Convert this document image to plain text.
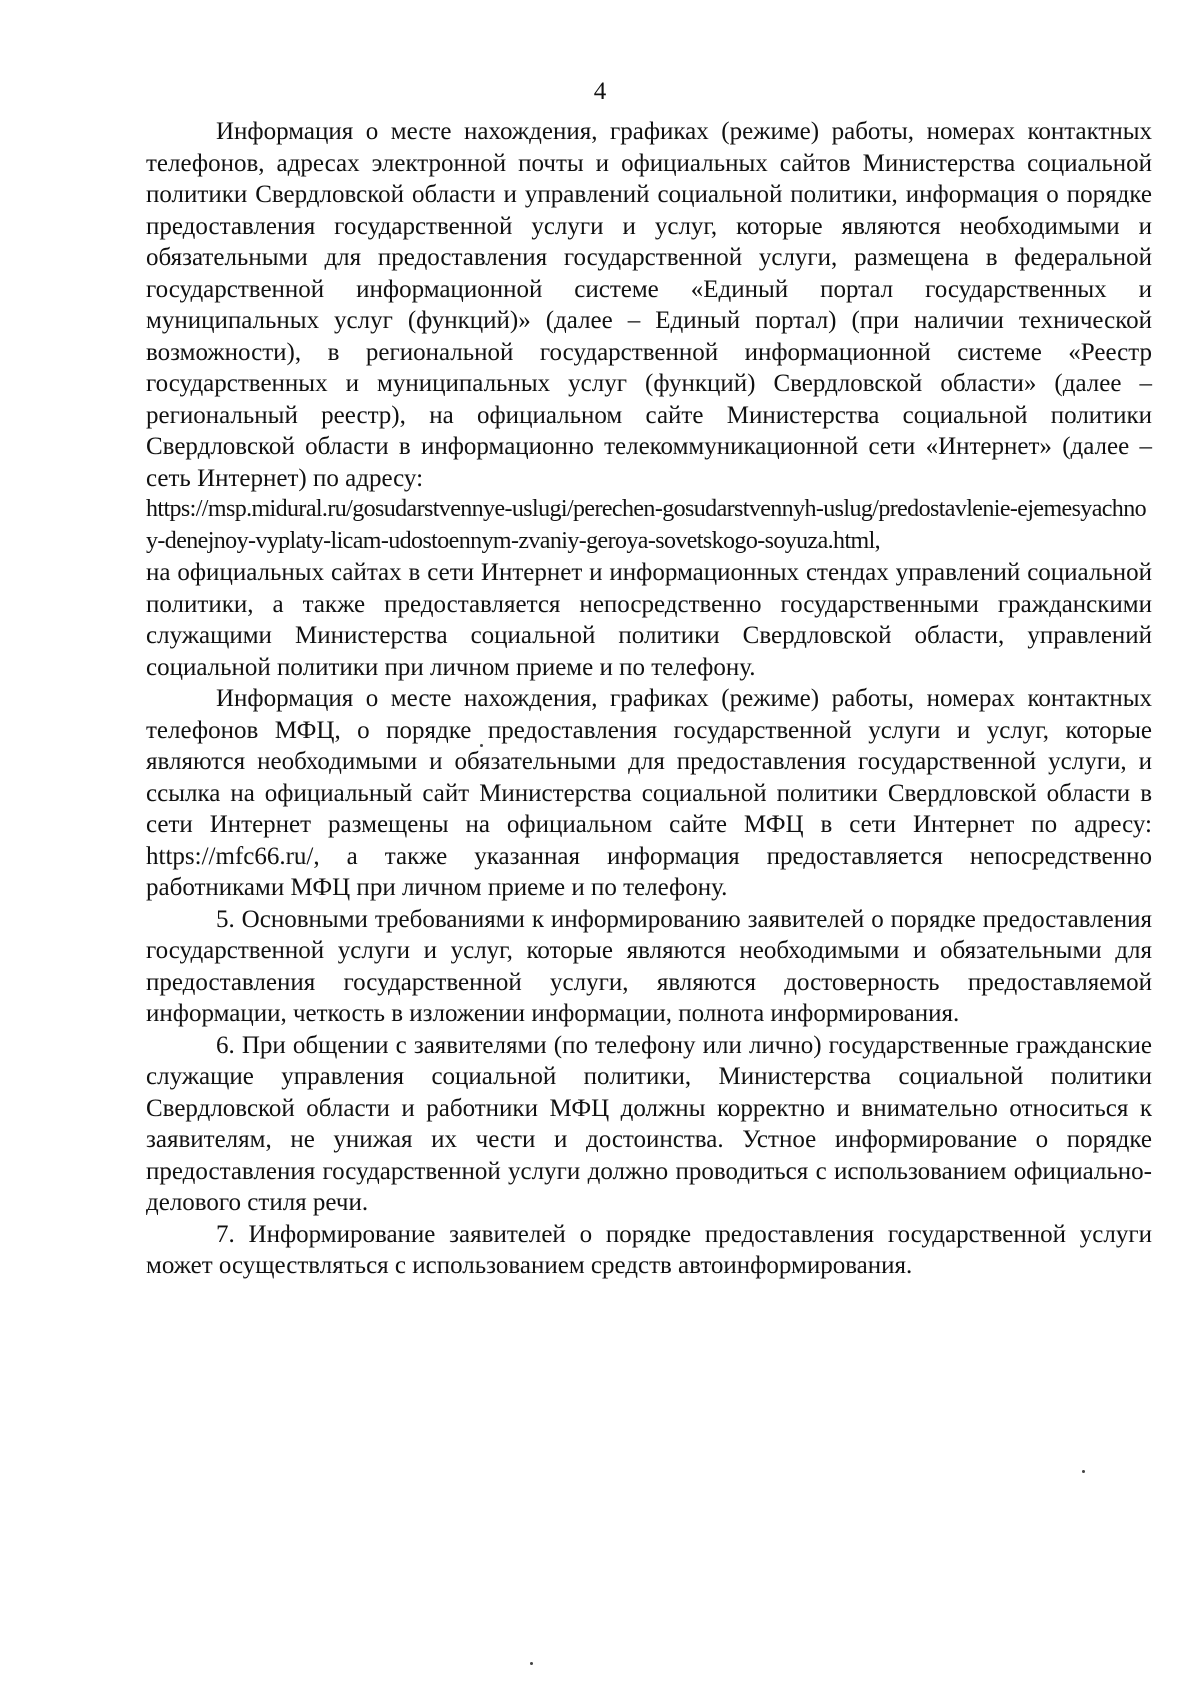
4

Информация о месте нахождения, графиках (режиме) работы, номерах контактных телефонов, адресах электронной почты и официальных сайтов Министерства социальной политики Свердловской области и управлений социальной политики, информация о порядке предоставления государственной услуги и услуг, которые являются необходимыми и обязательными для предоставления государственной услуги, размещена в федеральной государственной информационной системе «Единый портал государственных и муниципальных услуг (функций)» (далее – Единый портал) (при наличии технической возможности), в региональной государственной информационной системе «Реестр государственных и муниципальных услуг (функций) Свердловской области» (далее – региональный реестр), на официальном сайте Министерства социальной политики Свердловской области в информационно телекоммуникационной сети «Интернет» (далее – сеть Интернет) по адресу:
https://msp.midural.ru/gosudarstvennye-uslugi/perechen-gosudarstvennyh-uslug/predostavlenie-ejemesyachnoy-denejnoy-vyplaty-licam-udostoennym-zvaniy-geroya-sovetskogo-soyuza.html,
на официальных сайтах в сети Интернет и информационных стендах управлений социальной политики, а также предоставляется непосредственно государственными гражданскими служащими Министерства социальной политики Свердловской области, управлений социальной политики при личном приеме и по телефону.

Информация о месте нахождения, графиках (режиме) работы, номерах контактных телефонов МФЦ, о порядке предоставления государственной услуги и услуг, которые являются необходимыми и обязательными для предоставления государственной услуги, и ссылка на официальный сайт Министерства социальной политики Свердловской области в сети Интернет размещены на официальном сайте МФЦ в сети Интернет по адресу: https://mfc66.ru/, а также указанная информация предоставляется непосредственно работниками МФЦ при личном приеме и по телефону.

5. Основными требованиями к информированию заявителей о порядке предоставления государственной услуги и услуг, которые являются необходимыми и обязательными для предоставления государственной услуги, являются достоверность предоставляемой информации, четкость в изложении информации, полнота информирования.

6. При общении с заявителями (по телефону или лично) государственные гражданские служащие управления социальной политики, Министерства социальной политики Свердловской области и работники МФЦ должны корректно и внимательно относиться к заявителям, не унижая их чести и достоинства. Устное информирование о порядке предоставления государственной услуги должно проводиться с использованием официально-делового стиля речи.

7. Информирование заявителей о порядке предоставления государственной услуги может осуществляться с использованием средств автоинформирования.
